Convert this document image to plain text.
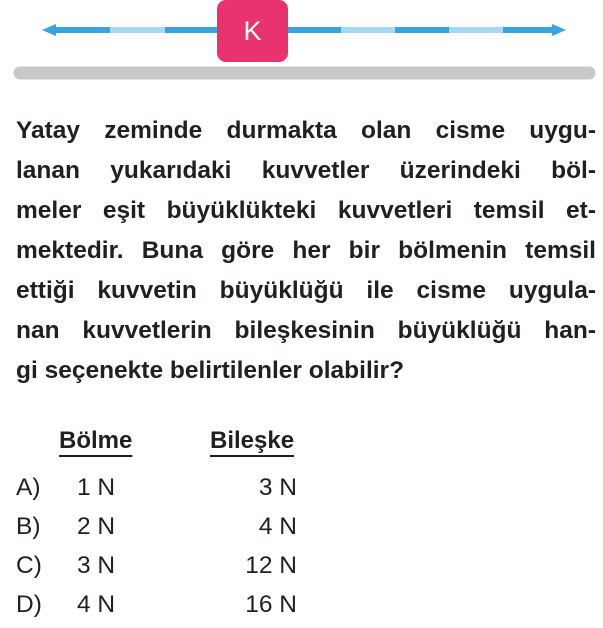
K

Yatay zeminde durmakta olan cisme uygu-
lanan yukarıdaki kuvvetler üzerindeki böl-
meler eşit büyüklükteki kuvvetleri temsil et-
mektedir. Buna göre her bir bölmenin temsil
ettiği kuvvetin büyüklüğü ile cisme uygula-
nan kuvvetlerin bileşkesinin büyüklüğü han-
gi seçenekte belirtilenler olabilir?

Bölme	Bileşke
A) 1 N	3 N
B) 2 N	4 N
C) 3 N	12 N
D) 4 N	16 N
